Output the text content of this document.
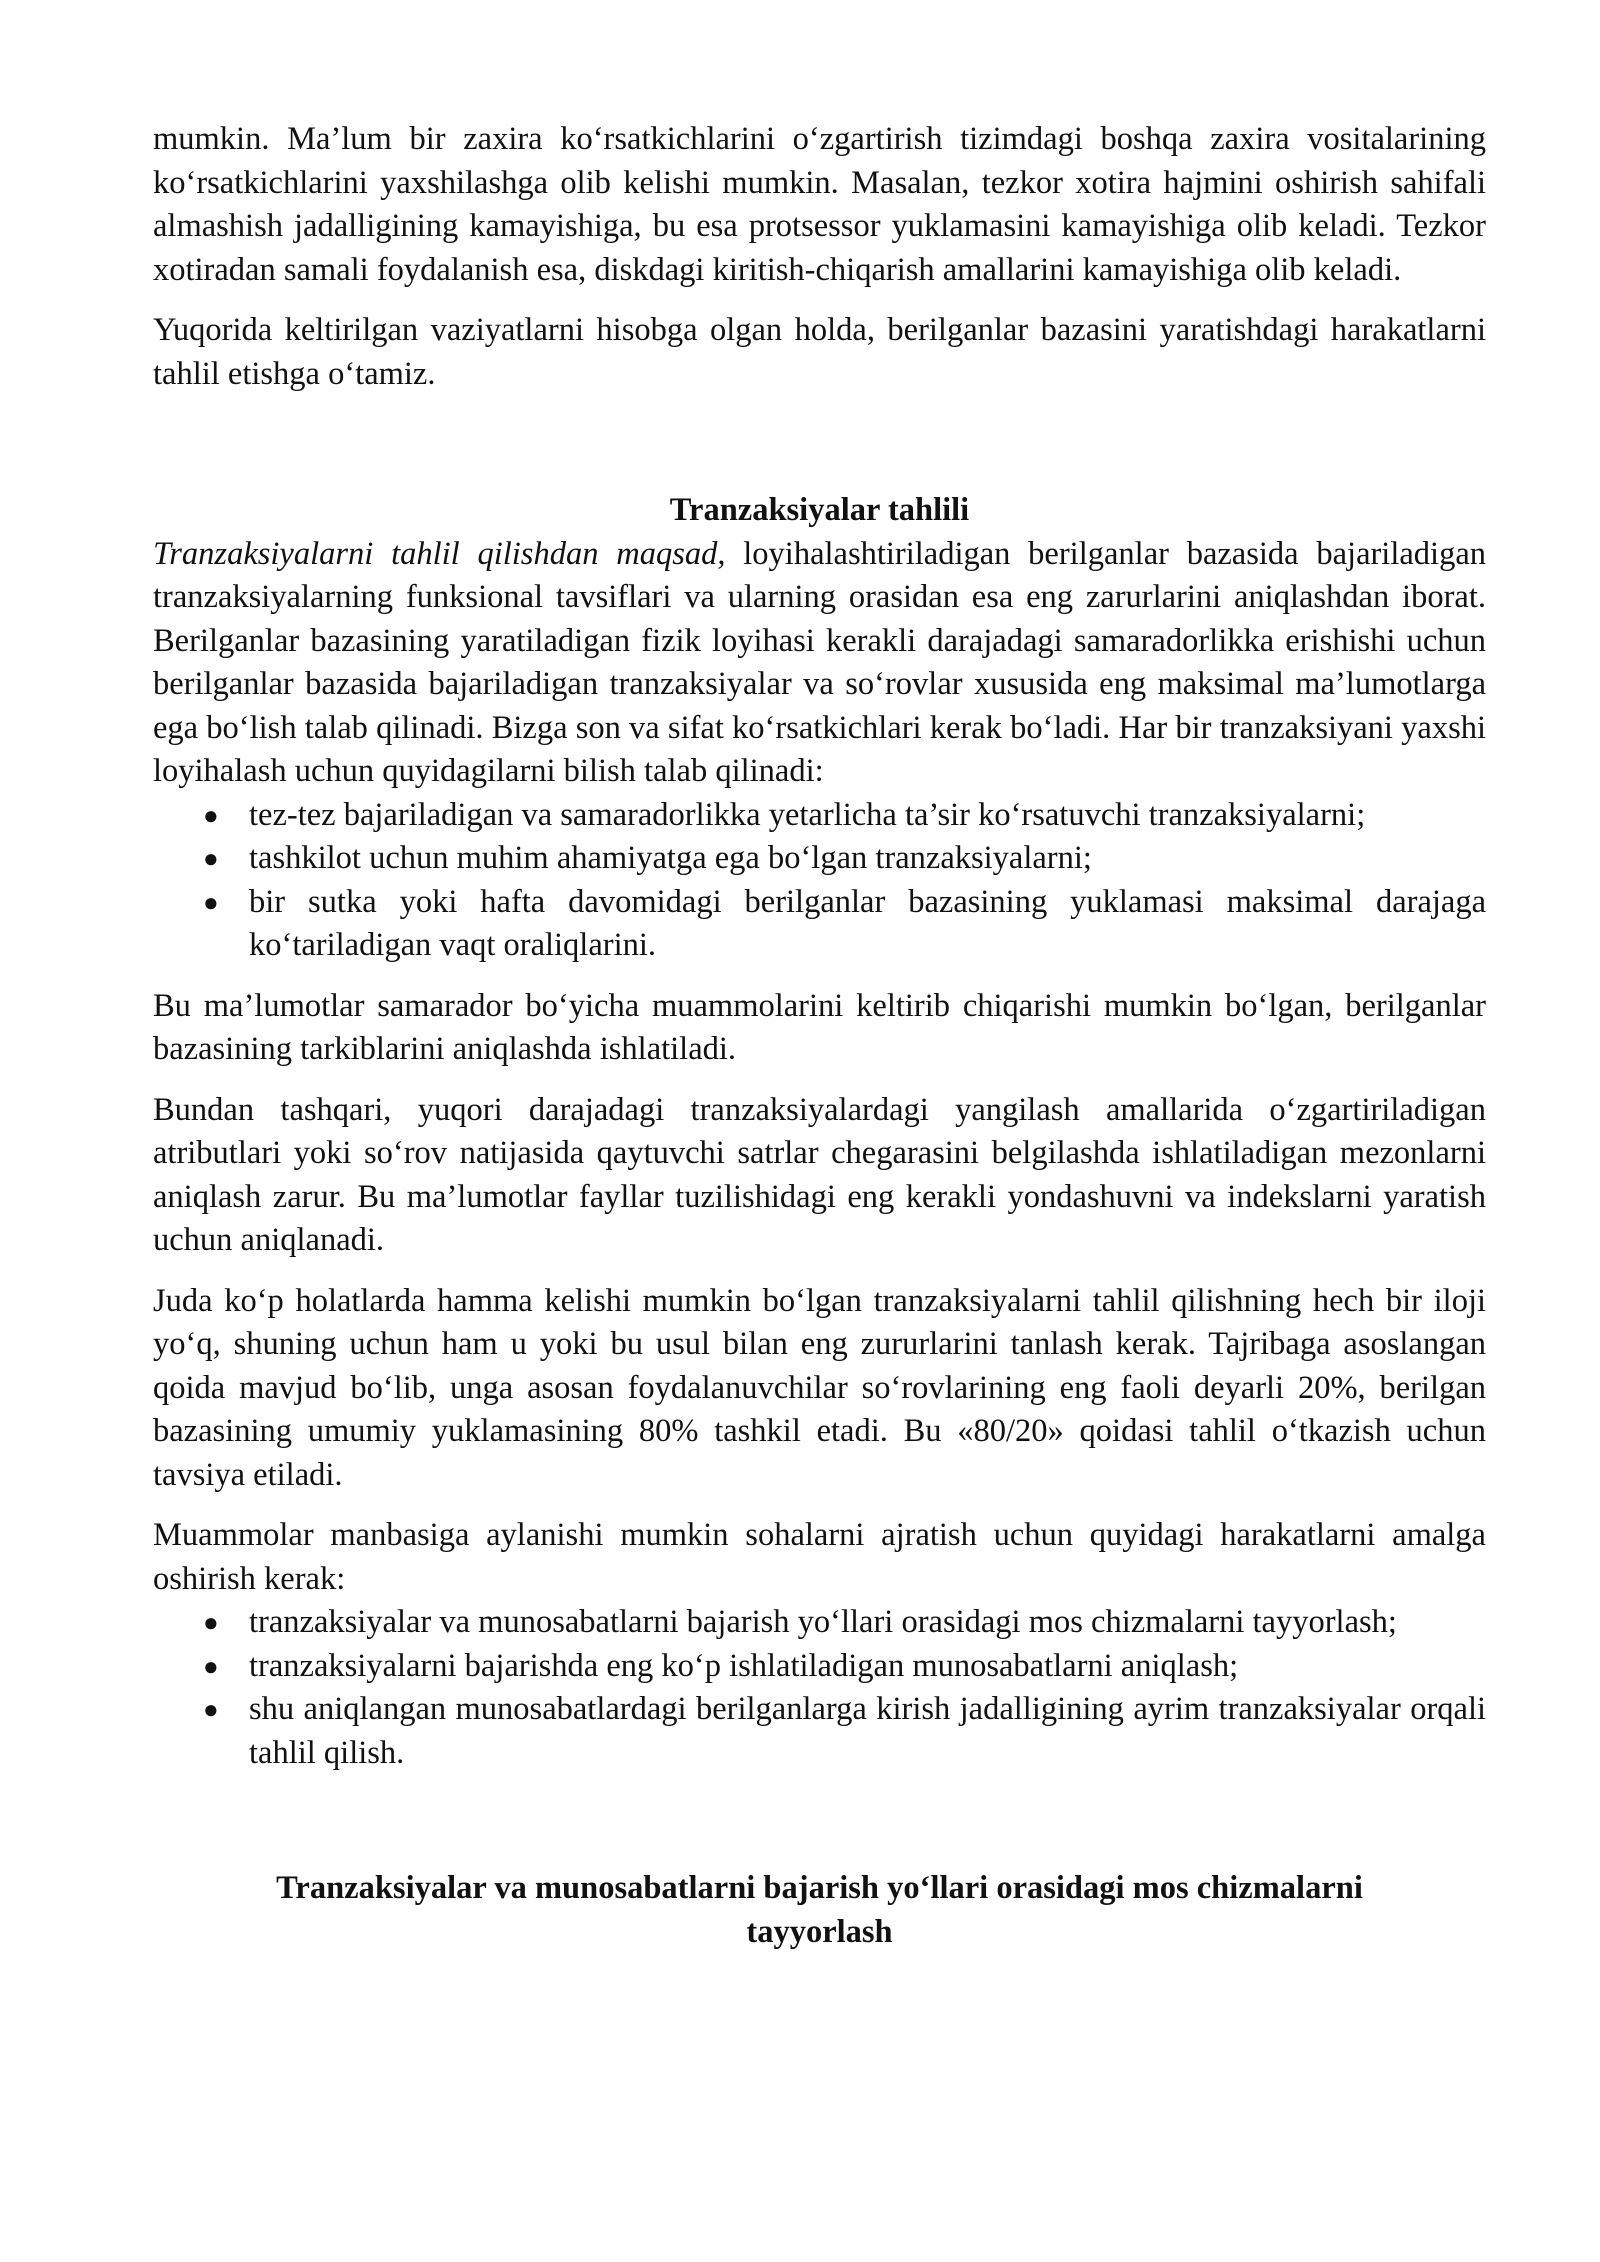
mumkin. Ma’lum bir zaxira ko‘rsatkichlarini o‘zgartirish tizimdagi boshqa zaxira vositalarining ko‘rsatkichlarini yaxshilashga olib kelishi mumkin. Masalan, tezkor xotira hajmini oshirish sahifali almashish jadalligining kamayishiga, bu esa protsessor yuklamasini kamayishiga olib keladi. Tezkor xotiradan samali foydalanish esa, diskdagi kiritish-chiqarish amallarini kamayishiga olib keladi.

Yuqorida keltirilgan vaziyatlarni hisobga olgan holda, berilganlar bazasini yaratishdagi harakatlarni tahlil etishga o‘tamiz.

Tranzaksiyalar tahlili

Tranzaksiyalarni tahlil qilishdan maqsad, loyihalashtiriladigan berilganlar bazasida bajariladigan tranzaksiyalarning funksional tavsiflari va ularning orasidan esa eng zarurlarini aniqlashdan iborat. Berilganlar bazasining yaratiladigan fizik loyihasi kerakli darajadagi samaradorlikka erishishi uchun berilganlar bazasida bajariladigan tranzaksiyalar va so‘rovlar xususida eng maksimal ma’lumotlarga ega bo‘lish talab qilinadi. Bizga son va sifat ko‘rsatkichlari kerak bo‘ladi. Har bir tranzaksiyani yaxshi loyihalash uchun quyidagilarni bilish talab qilinadi:

● tez-tez bajariladigan va samaradorlikka yetarlicha ta’sir ko‘rsatuvchi tranzaksiyalarni;
● tashkilot uchun muhim ahamiyatga ega bo‘lgan tranzaksiyalarni;
● bir sutka yoki hafta davomidagi berilganlar bazasining yuklamasi maksimal darajaga ko‘tariladigan vaqt oraliqlarini.

Bu ma’lumotlar samarador bo‘yicha muammolarini keltirib chiqarishi mumkin bo‘lgan, berilganlar bazasining tarkiblarini aniqlashda ishlatiladi.

Bundan tashqari, yuqori darajadagi tranzaksiyalardagi yangilash amallarida o‘zgartiriladigan atributlari yoki so‘rov natijasida qaytuvchi satrlar chegarasini belgilashda ishlatiladigan mezonlarni aniqlash zarur. Bu ma’lumotlar fayllar tuzilishidagi eng kerakli yondashuvni va indekslarni yaratish uchun aniqlanadi.

Juda ko‘p holatlarda hamma kelishi mumkin bo‘lgan tranzaksiyalarni tahlil qilishning hech bir iloji yo‘q, shuning uchun ham u yoki bu usul bilan eng zururlarini tanlash kerak. Tajribaga asoslangan qoida mavjud bo‘lib, unga asosan foydalanuvchilar so‘rovlarining eng faoli deyarli 20%, berilgan bazasining umumiy yuklamasining 80% tashkil etadi. Bu «80/20» qoidasi tahlil o‘tkazish uchun tavsiya etiladi.

Muammolar manbasiga aylanishi mumkin sohalarni ajratish uchun quyidagi harakatlarni amalga oshirish kerak:

● tranzaksiyalar va munosabatlarni bajarish yo‘llari orasidagi mos chizmalarni tayyorlash;
● tranzaksiyalarni bajarishda eng ko‘p ishlatiladigan munosabatlarni aniqlash;
● shu aniqlangan munosabatlardagi berilganlarga kirish jadalligining ayrim tranzaksiyalar orqali tahlil qilish.

Tranzaksiyalar va munosabatlarni bajarish yo‘llari orasidagi mos chizmalarni
tayyorlash
